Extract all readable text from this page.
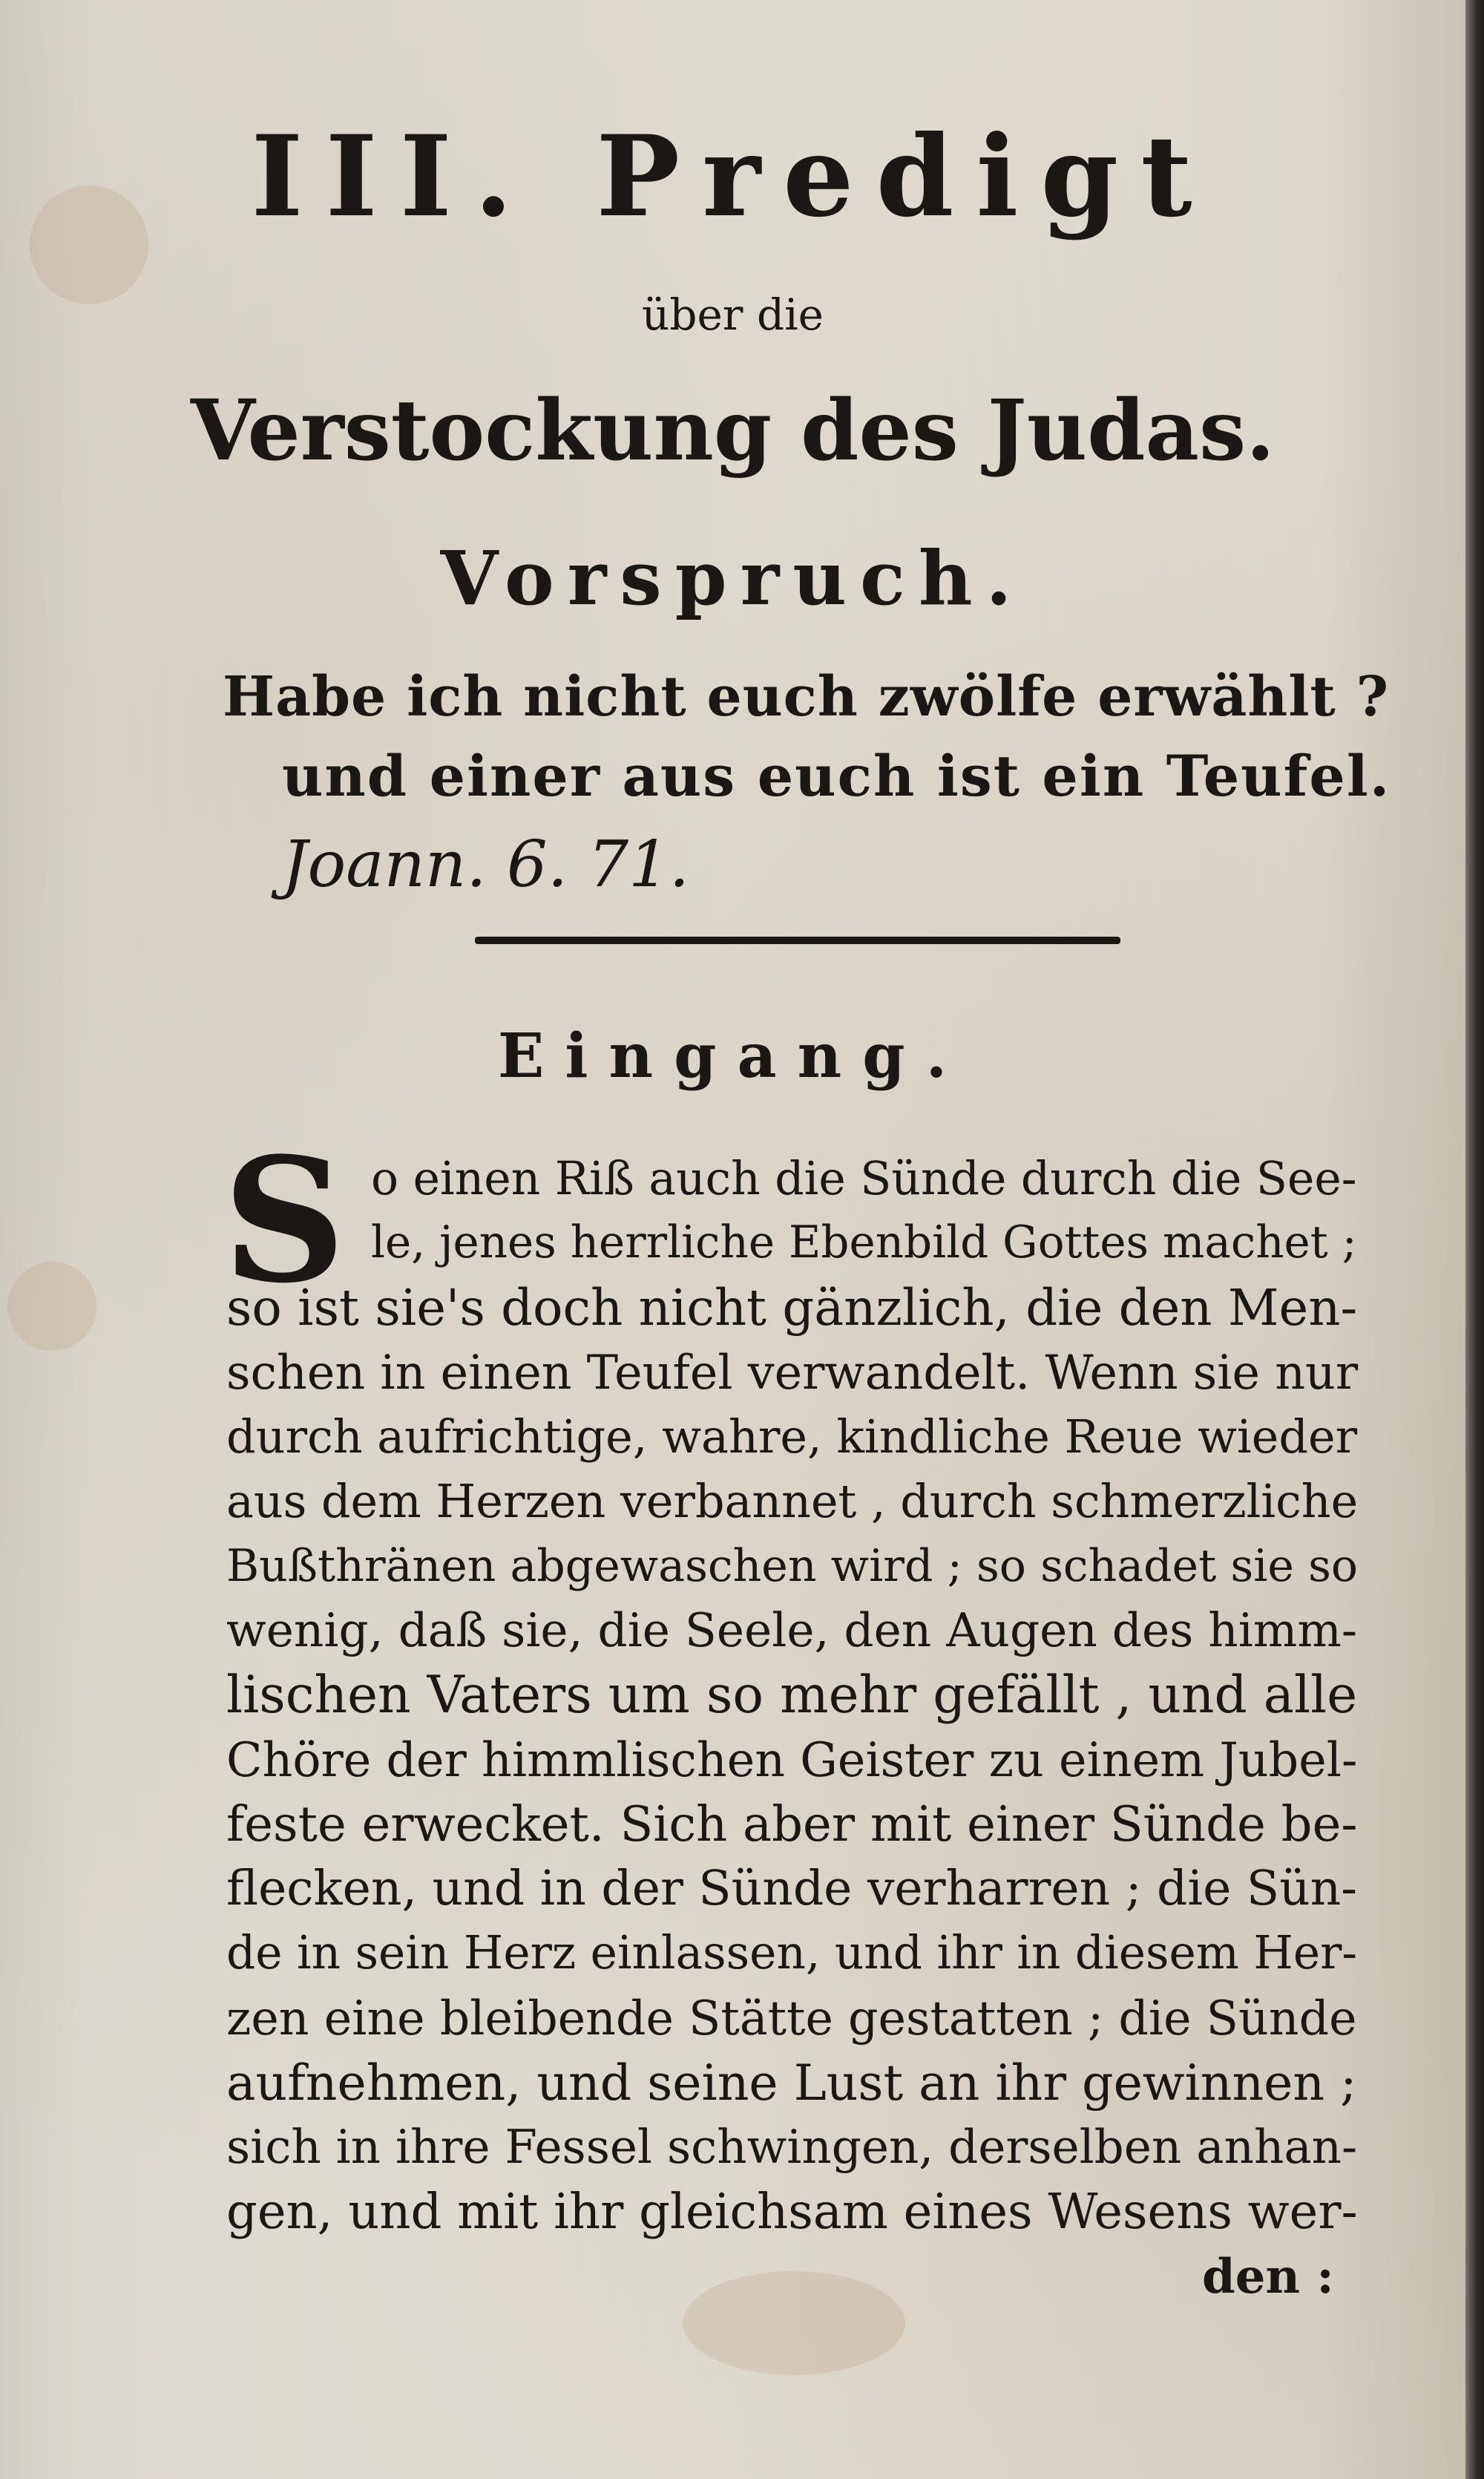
III. Predigt
über die
Verstockung des Judas.
Vorspruch.
Habe ich nicht euch zwölfe erwählt ?
und einer aus euch ist ein Teufel.
Joann. 6. 71.
Eingang.
S o einen Riß auch die Sünde durch die See-
le, jenes herrliche Ebenbild Gottes machet ;
so ist sie's doch nicht gänzlich, die den Men-
schen in einen Teufel verwandelt. Wenn sie nur
durch aufrichtige, wahre, kindliche Reue wieder
aus dem Herzen verbannet , durch schmerzliche
Bußthränen abgewaschen wird ; so schadet sie so
wenig, daß sie, die Seele, den Augen des himm-
lischen Vaters um so mehr gefällt , und alle
Chöre der himmlischen Geister zu einem Jubel-
feste erwecket. Sich aber mit einer Sünde be-
flecken, und in der Sünde verharren ; die Sün-
de in sein Herz einlassen, und ihr in diesem Her-
zen eine bleibende Stätte gestatten ; die Sünde
aufnehmen, und seine Lust an ihr gewinnen ;
sich in ihre Fessel schwingen, derselben anhan-
gen, und mit ihr gleichsam eines Wesens wer-
den :
